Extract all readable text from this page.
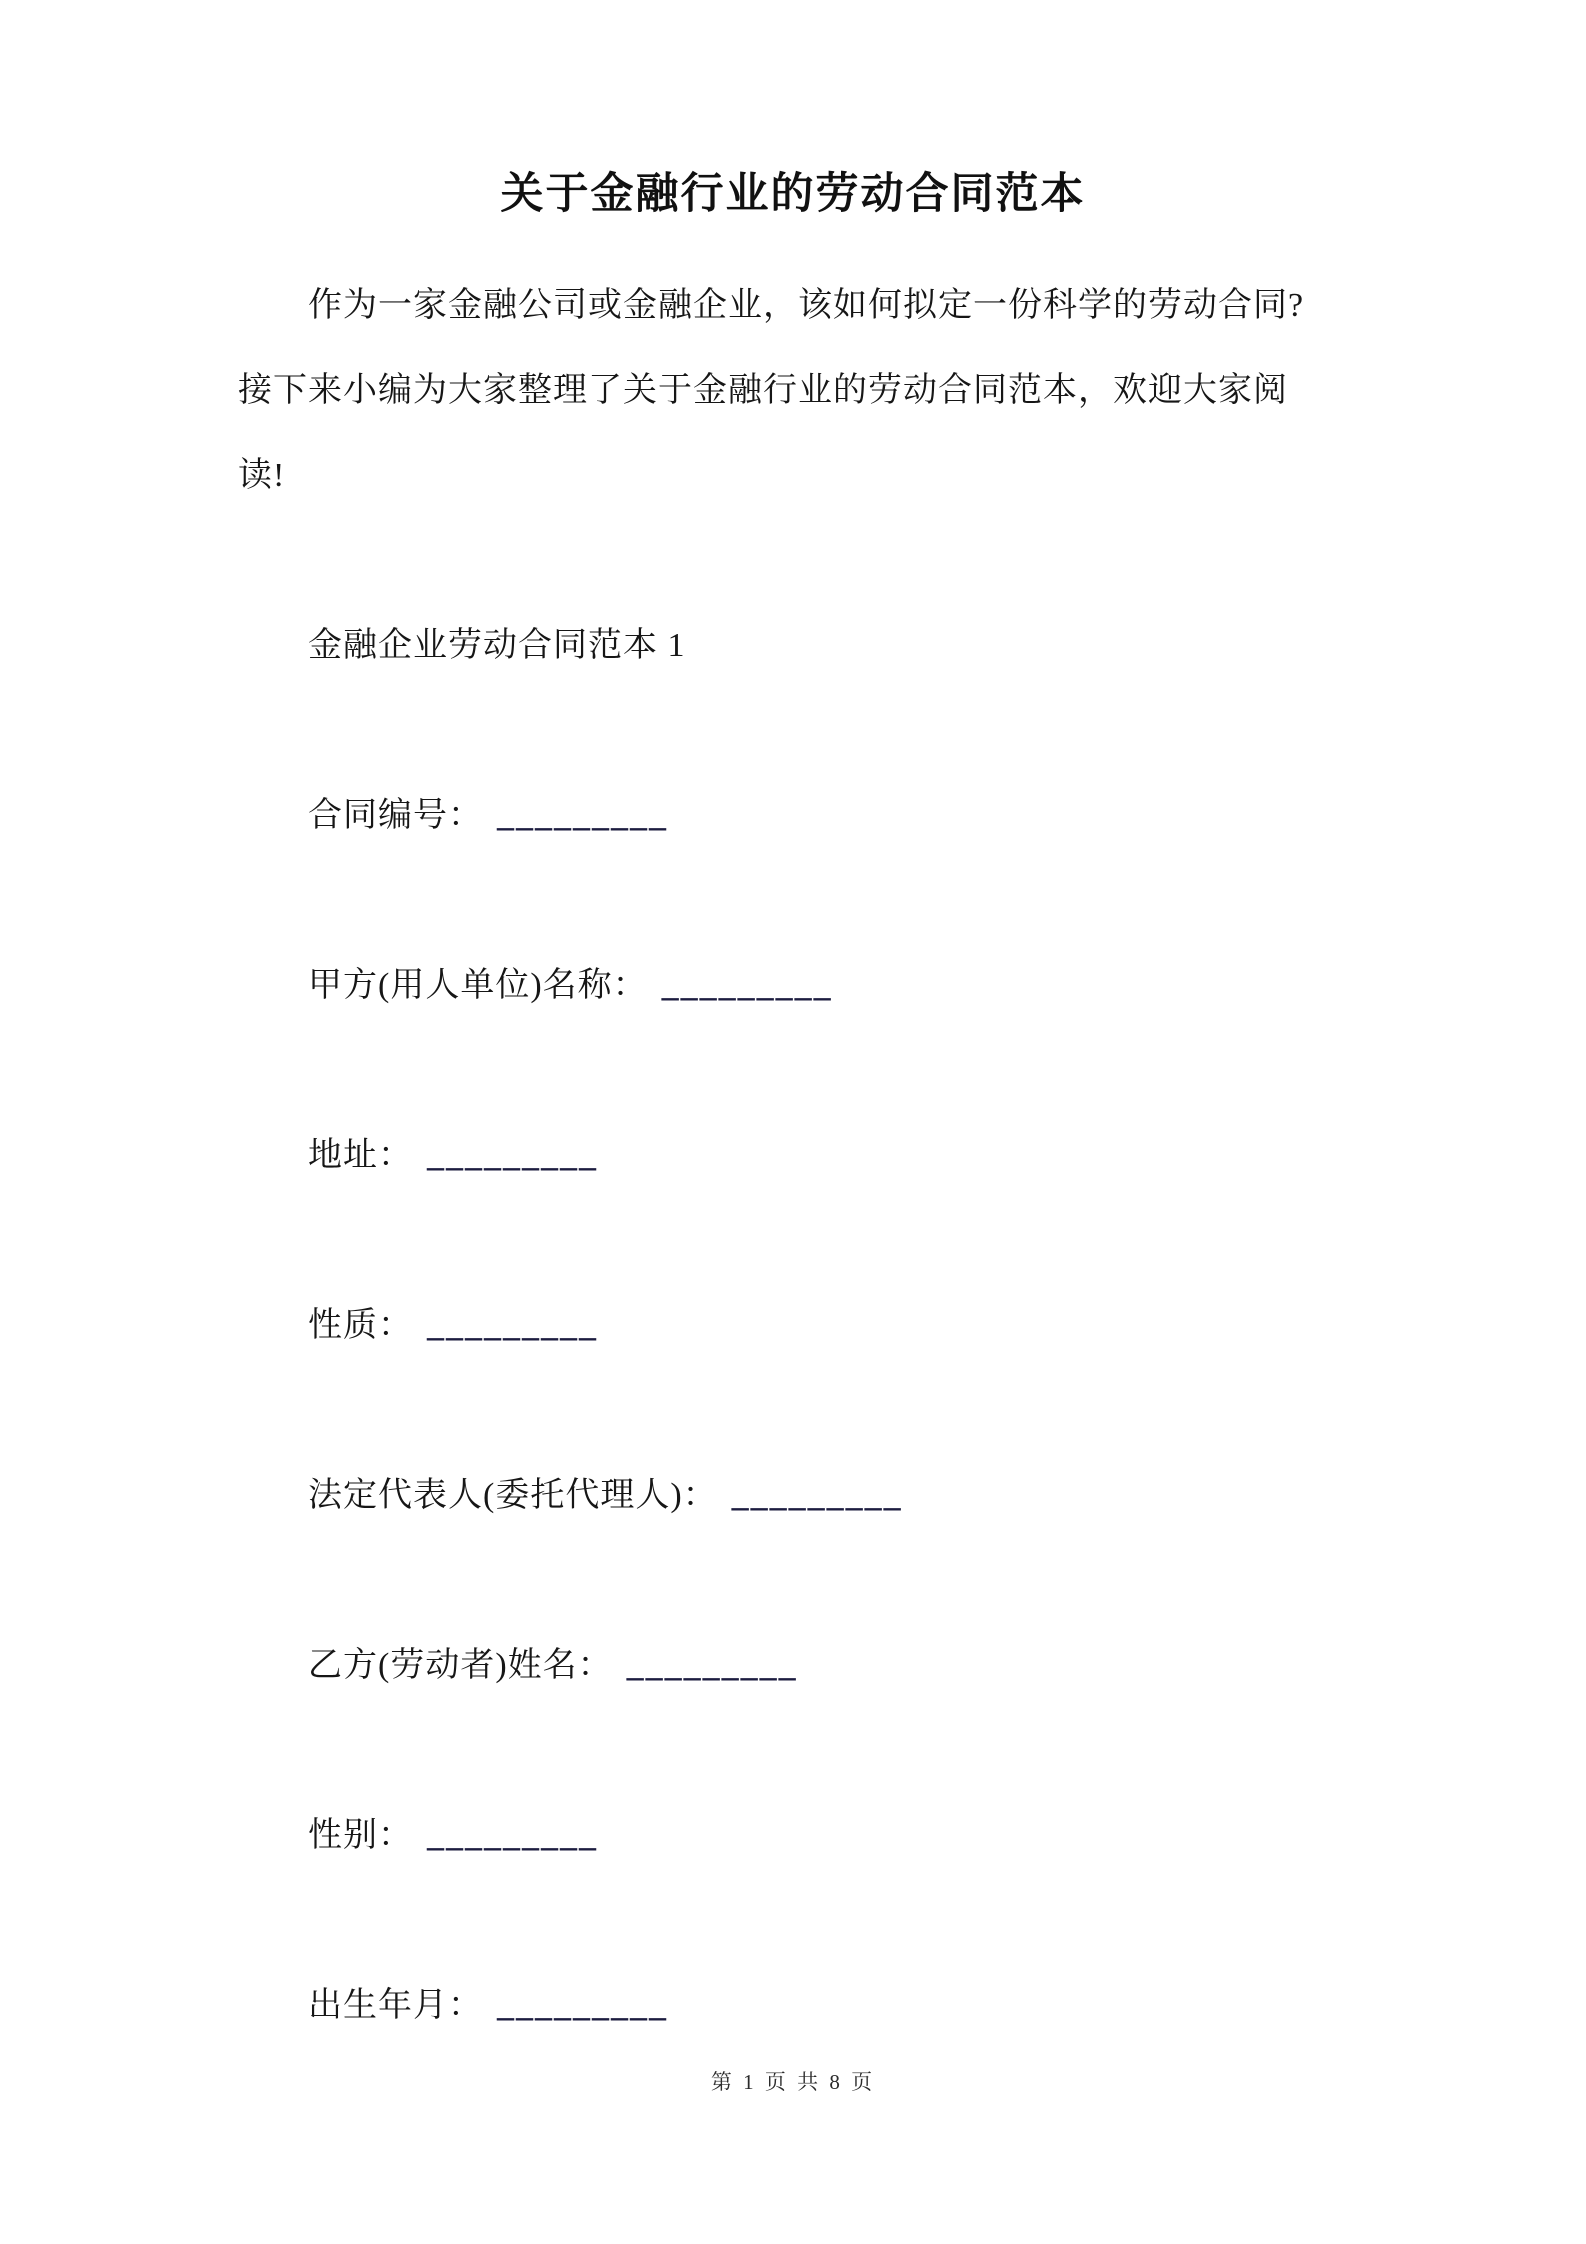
关于金融行业的劳动合同范本
作为一家金融公司或金融企业，该如何拟定一份科学的劳动合同?
接下来小编为大家整理了关于金融行业的劳动合同范本，欢迎大家阅
读!
金融企业劳动合同范本 1
合同编号： _________
甲方(用人单位)名称： _________
地址： _________
性质： _________
法定代表人(委托代理人)： _________
乙方(劳动者)姓名： _________
性别： _________
出生年月： _________
第 1 页 共 8 页
